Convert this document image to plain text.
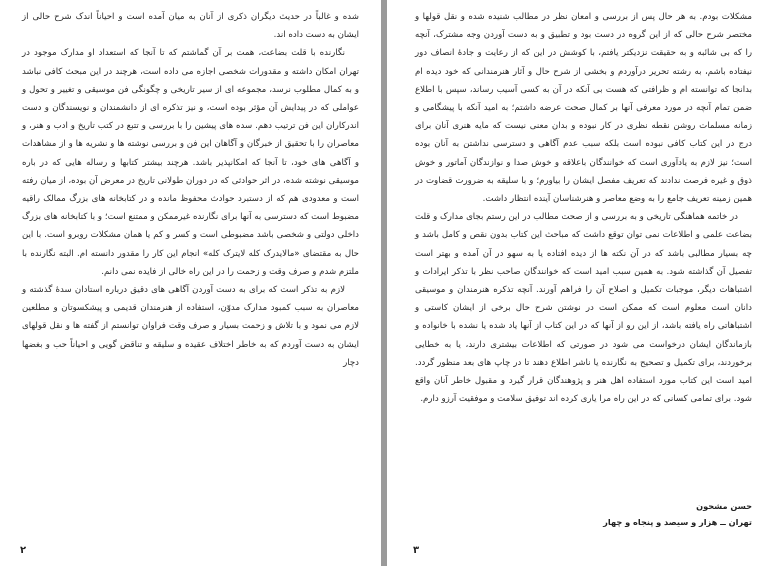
شده و غالباً در حدیث دیگران ذکری از آنان به میان آمده است و احیاناً اندک شرح حالی از ایشان به دست داده اند.

نگارنده با قلت بضاعت، همت بر آن گماشتم که تا آنجا که استعداد او مدارک موجود در تهران امکان داشته و مقدورات شخصی اجازه می داده است، هرچند در این مبحث کافی نباشد و به کمال مطلوب نرسد، مجموعه ای از سیر تاریخی و چگونگی فن موسیقی و تغییر و تحول و عواملی که در پیدایش آن مؤثر بوده است، و نیز تذکره ای از دانشمندان و نویسندگان و دست اندرکاران این فن ترتیب دهم. سده های پیشین را با بررسی و تتبع در کتب تاریخ و ادب و هنر، و معاصران را با تحقیق از خبرگان و آگاهان این فن و بررسی نوشته ها و نشریه ها و از مشاهدات و آگاهی های خود، تا آنجا که امکانپذیر باشد. هرچند بیشتر کتابها و رساله هایی که در باره موسیقی نوشته شده، در اثر حوادثی که در دوران طولانی تاریخ در معرض آن بوده، از میان رفته است و معدودی هم که از دستبرد حوادث محفوظ مانده و در کتابخانه های بزرگ ممالک راقیه مضبوط است که دسترسی به آنها برای نگارنده غیرممکن و ممتنع است؛ و با کتابخانه های بزرگ داخلی دولتی و شخصی باشد مضبوطی است و کسر و کم یا همان مشکلات روبرو است. با این حال به مقتضای «مالایدرک کله لایترک کله» انجام این کار را مقدور دانسته ام. البته نگارنده با ملتزم شدم و صرف وقت و زحمت را در این راه خالی از فایده نمی دانم.

لازم به تذکر است که برای به دست آوردن آگاهی های دقیق درباره استادان سدهٔ گذشته و معاصران به سبب کمبود مدارک مدوّن، استفاده از هنرمندان قدیمی و پیشکسوتان و مطلعین لازم می نمود و با تلاش و زحمت بسیار و صرف وقت فراوان توانستم از گفته ها و نقل قولهای ایشان به دست آوردم که به خاطر اختلاف عقیده و سلیقه و تناقض گویی و احیاناً حب و بغضها دچار

۲

مشکلات بودم. به هر حال پس از بررسی و امعان نظر در مطالب شنیده شده و نقل قولها و مختصر شرح حالی که از این گروه در دست بود و تطبیق و به دست آوردن وجه مشترک، آنچه را که بی شائبه و به حقیقت نزدیکتر یافتم، با کوشش در این که از رعایت و جادهٔ انصاف دور نیفتاده باشم، به رشته تحریر درآوردم و بخشی از شرح حال و آثار هنرمندانی که خود دیده ام بدانجا که توانسته ام و ظرافتی که هست بی آنکه در آن به کسی آسیب رساند، سپس با اطلاع ضمن تمام آنچه در مورد معرفی آنها بر کمال صحت عرضه داشتم؛ به امید آنکه با پیشگامی و زمانه مسلمات روشن نقطه نظری در کار نبوده و بدان معنی نیست که مایه هنری آنان برای درج در این کتاب کافی نبوده است بلکه سبب عدم آگاهی و دسترسی نداشتن به آنان بوده است؛ نیز لازم به یادآوری است که خوانندگان باعلاقه و خوش صدا و نوازندگان آماتور و خوش ذوق و غیره فرصت ندادند که تعریف مفصل ایشان را بیاورم؛ و با سلیقه به ضرورت قضاوت در همین زمینه تعریف جامع را به وضع معاصر و هنرشناسان آینده انتظار داشت.

در خاتمه هماهنگی تاریخی و به بررسی و از صحت مطالب در این رستم بجای مدارک و قلت بضاعت علمی و اطلاعات نمی توان توقع داشت که مباحث این کتاب بدون نقص و کامل باشد و چه بسیار مطالبی باشد که در آن نکته ها از دیده افتاده یا به سهو در آن آمده و بهتر است تفصیل آن گذاشته شود. به همین سبب امید است که خوانندگان صاحب نظر با تذکر ایرادات و اشتباهات دیگر، موجبات تکمیل و اصلاح آن را فراهم آورند. آنچه تذکره هنرمندان و موسیقی دانان است معلوم است که ممکن است در نوشتن شرح حال برخی از ایشان کاستی و اشتباهاتی راه یافته باشد، از این رو از آنها که در این کتاب از آنها یاد شده یا نشده با خانواده و بازماندگان ایشان درخواست می شود در صورتی که اطلاعات بیشتری دارند، یا به خطایی برخوردند، برای تکمیل و تصحیح به نگارنده یا ناشر اطلاع دهند تا در چاپ های بعد منظور گردد. امید است این کتاب مورد استفاده اهل هنر و پژوهندگان قرار گیرد و مقبول خاطر آنان واقع شود. برای تمامی کسانی که در این راه مرا یاری کرده اند توفیق سلامت و موفقیت آرزو دارم.

حسن مشحون
تهران ــ هزار و سیصد و پنجاه و چهار
۳
